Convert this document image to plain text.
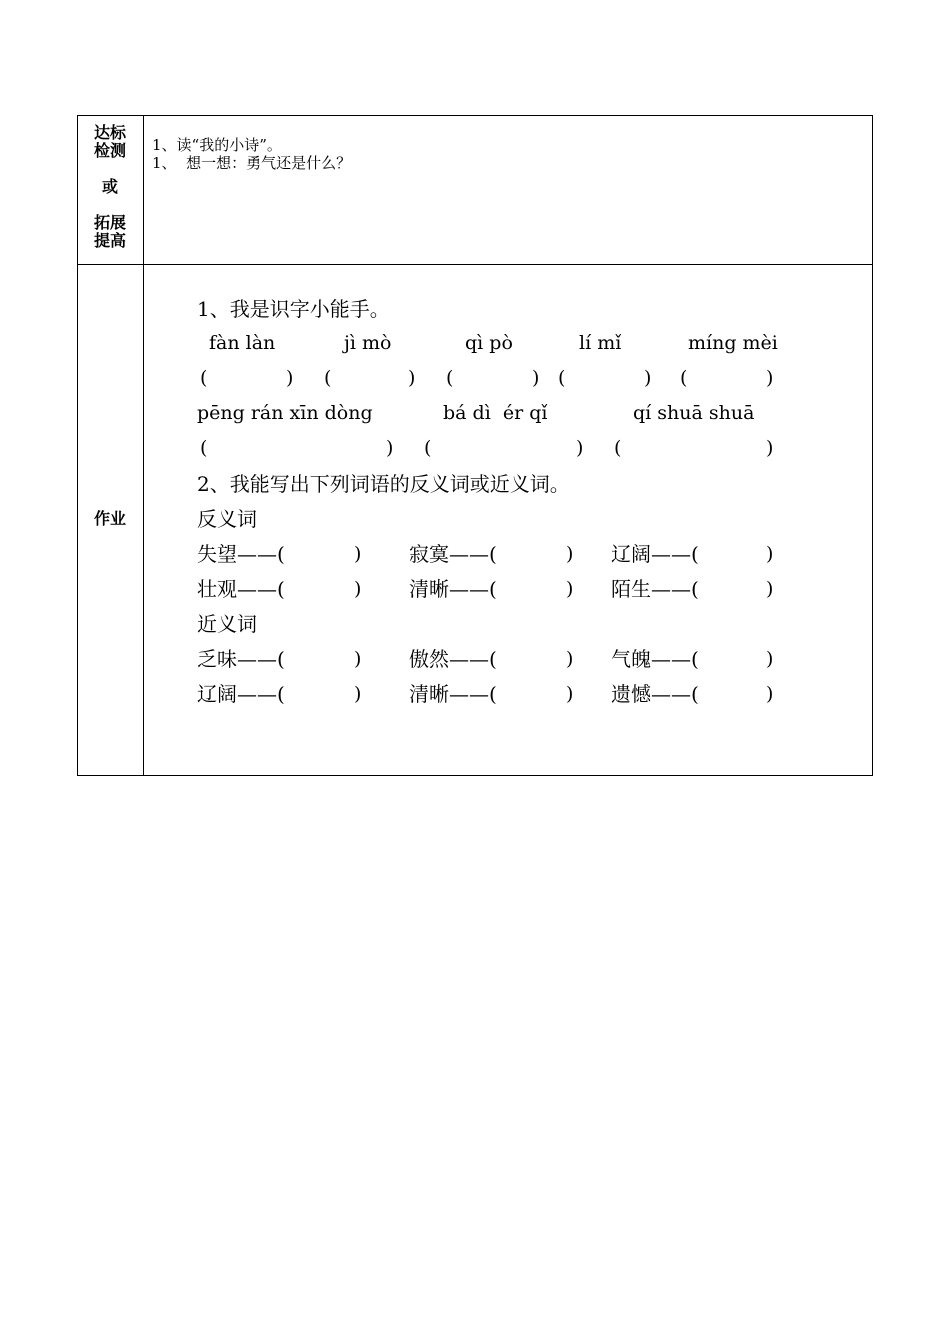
达标
检测
或
拓展
提高
1、读“我的小诗”。
1、  想一想：勇气还是什么？
作业
1、我是识字小能手。
fàn làn	jì mò	qì pò	lí mǐ	míng mèi
(	) (	) (	) (	) (	)
pēng rán xīn dòng	bá dì  ér qǐ	qí shuā shuā
(	) (	) (	)
2、我能写出下列词语的反义词或近义词。
反义词
失望——(	) 寂寞——(	) 辽阔——(	)
壮观——(	) 清晰——(	) 陌生——(	)
近义词
乏味——(	) 傲然——(	) 气魄——(	)
辽阔——(	) 清晰——(	) 遗憾——(	)
